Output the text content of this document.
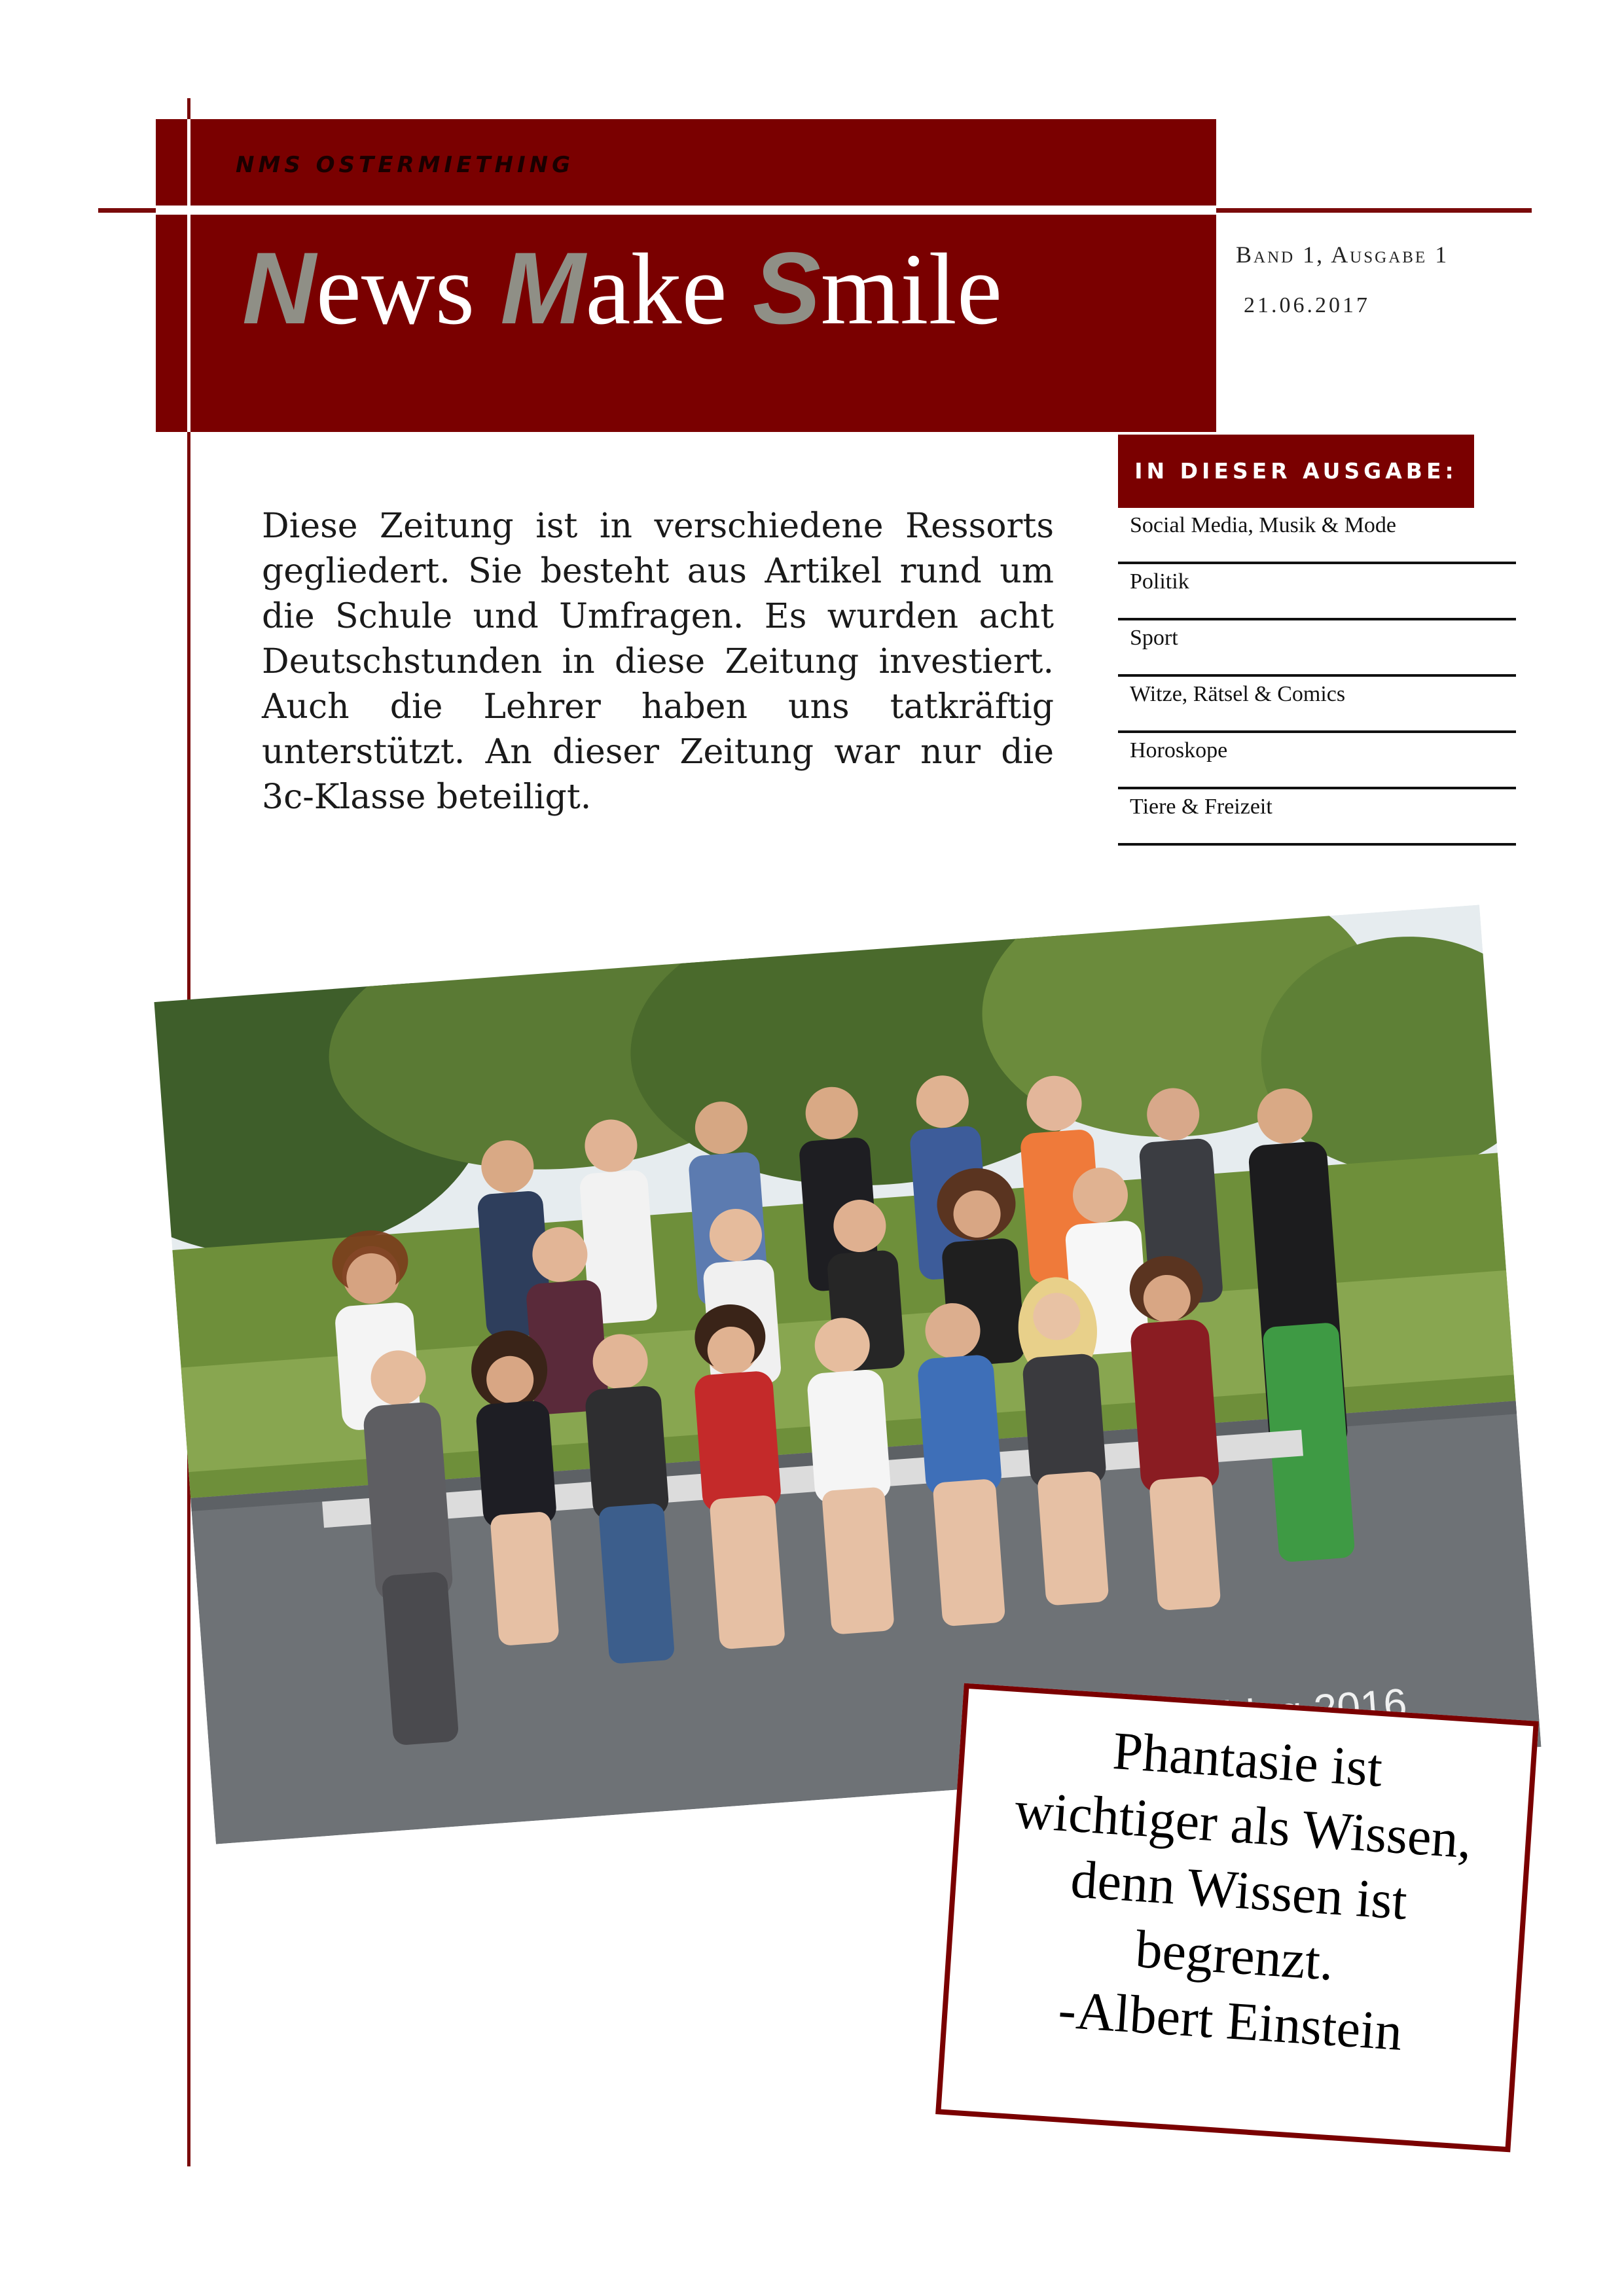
NMS OSTERMIETHING
News Make Smile	Band 1, Ausgabe 1
21.06.2017
IN DIESER AUSGABE:
Social Media, Musik & Mode
Politik
Sport
Witze, Rätsel & Comics
Horoskope
Tiere & Freizeit

Diese Zeitung ist in verschiedene Ressorts gegliedert. Sie besteht aus Artikel rund um die Schule und Umfragen. Es wurden acht Deutschstunden in diese Zeitung investiert. Auch die Lehrer haben uns tatkräftig unterstützt. An dieser Zeitung war nur die 3c-Klasse beteiligt.

Phantasie ist
wichtiger als Wissen,
denn Wissen ist
begrenzt.
-Albert Einstein
